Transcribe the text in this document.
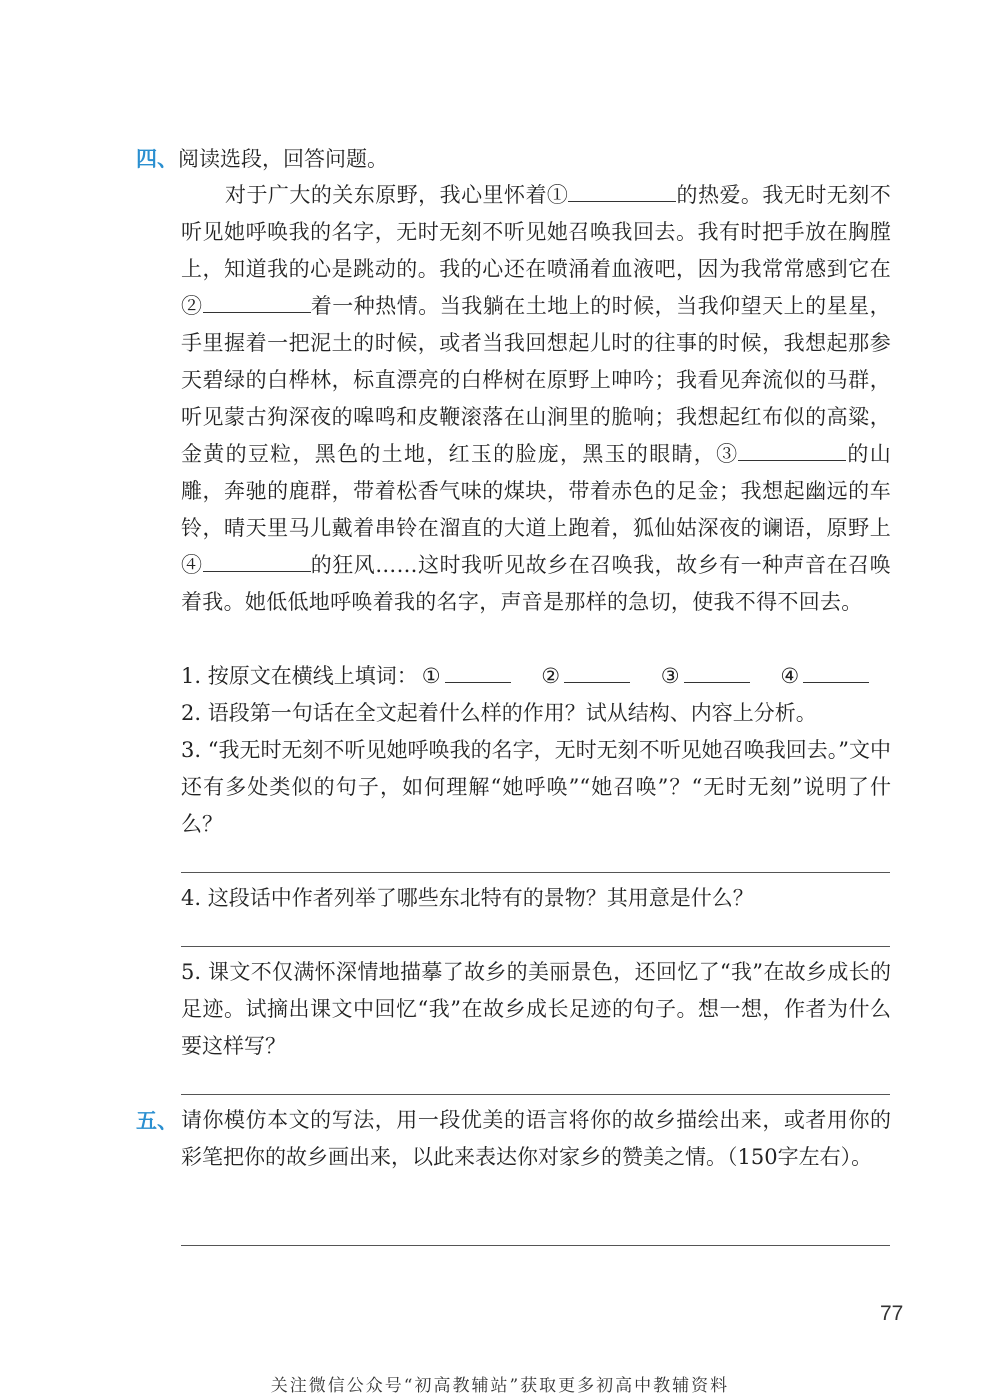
四、阅读选段，回答问题。
对于广大的关东原野，我心里怀着①	的热爱。我无时无刻不听见她呼唤我的名字，无时无刻不听见她召唤我回去。我有时把手放在胸膛上，知道我的心是跳动的。我的心还在喷涌着血液吧，因为我常常感到它在②	着一种热情。当我躺在土地上的时候，当我仰望天上的星星，手里握着一把泥土的时候，或者当我回想起儿时的往事的时候，我想起那参天碧绿的白桦林，标直漂亮的白桦树在原野上呻吟；我看见奔流似的马群，听见蒙古狗深夜的嗥鸣和皮鞭滚落在山涧里的脆响；我想起红布似的高粱，金黄的豆粒，黑色的土地，红玉的脸庞，黑玉的眼睛，③	的山雕，奔驰的鹿群，带着松香气味的煤块，带着赤色的足金；我想起幽远的车铃，晴天里马儿戴着串铃在溜直的大道上跑着，狐仙姑深夜的谰语，原野上④	的狂风……这时我听见故乡在召唤我，故乡有一种声音在召唤着我。她低低地呼唤着我的名字，声音是那样的急切，使我不得不回去。
1. 按原文在横线上填词： ①	②	③	④
2. 语段第一句话在全文起着什么样的作用？试从结构、内容上分析。
3. “我无时无刻不听见她呼唤我的名字，无时无刻不听见她召唤我回去。”文中还有多处类似的句子，如何理解“她呼唤”“她召唤”？“无时无刻”说明了什么？
4. 这段话中作者列举了哪些东北特有的景物？其用意是什么？
5. 课文不仅满怀深情地描摹了故乡的美丽景色，还回忆了“我”在故乡成长的足迹。试摘出课文中回忆“我”在故乡成长足迹的句子。想一想，作者为什么要这样写？
五、 请你模仿本文的写法，用一段优美的语言将你的故乡描绘出来，或者用你的彩笔把你的故乡画出来，以此来表达你对家乡的赞美之情。（150字左右）。
77
关注微信公众号“初高教辅站”获取更多初高中教辅资料
